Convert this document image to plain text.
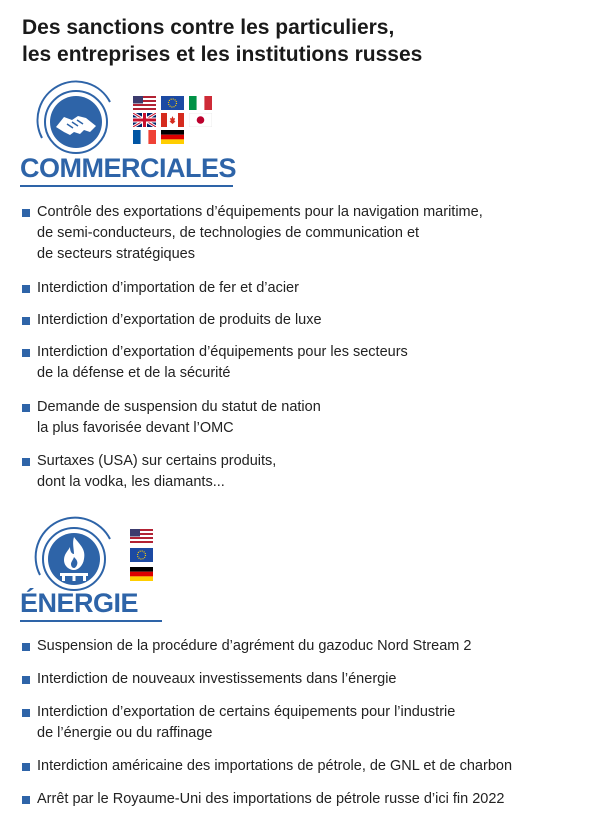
Des sanctions contre les particuliers,
les entreprises et les institutions russes
COMMERCIALES
Contrôle des exportations d’équipements pour la navigation maritime,
de semi-conducteurs, de technologies de communication et
de secteurs stratégiques
Interdiction d’importation de fer et d’acier
Interdiction d’exportation de produits de luxe
Interdiction d’exportation d’équipements pour les secteurs
de la défense et de la sécurité
Demande de suspension du statut de nation
la plus favorisée devant l’OMC
Surtaxes (USA) sur certains produits,
dont la vodka, les diamants...
ÉNERGIE
Suspension de la procédure d’agrément du gazoduc Nord Stream 2
Interdiction de nouveaux investissements dans l’énergie
Interdiction d’exportation de certains équipements pour l’industrie
de l’énergie ou du raffinage
Interdiction américaine des importations de pétrole, de GNL et de charbon
Arrêt par le Royaume-Uni des importations de pétrole russe d’ici fin 2022
